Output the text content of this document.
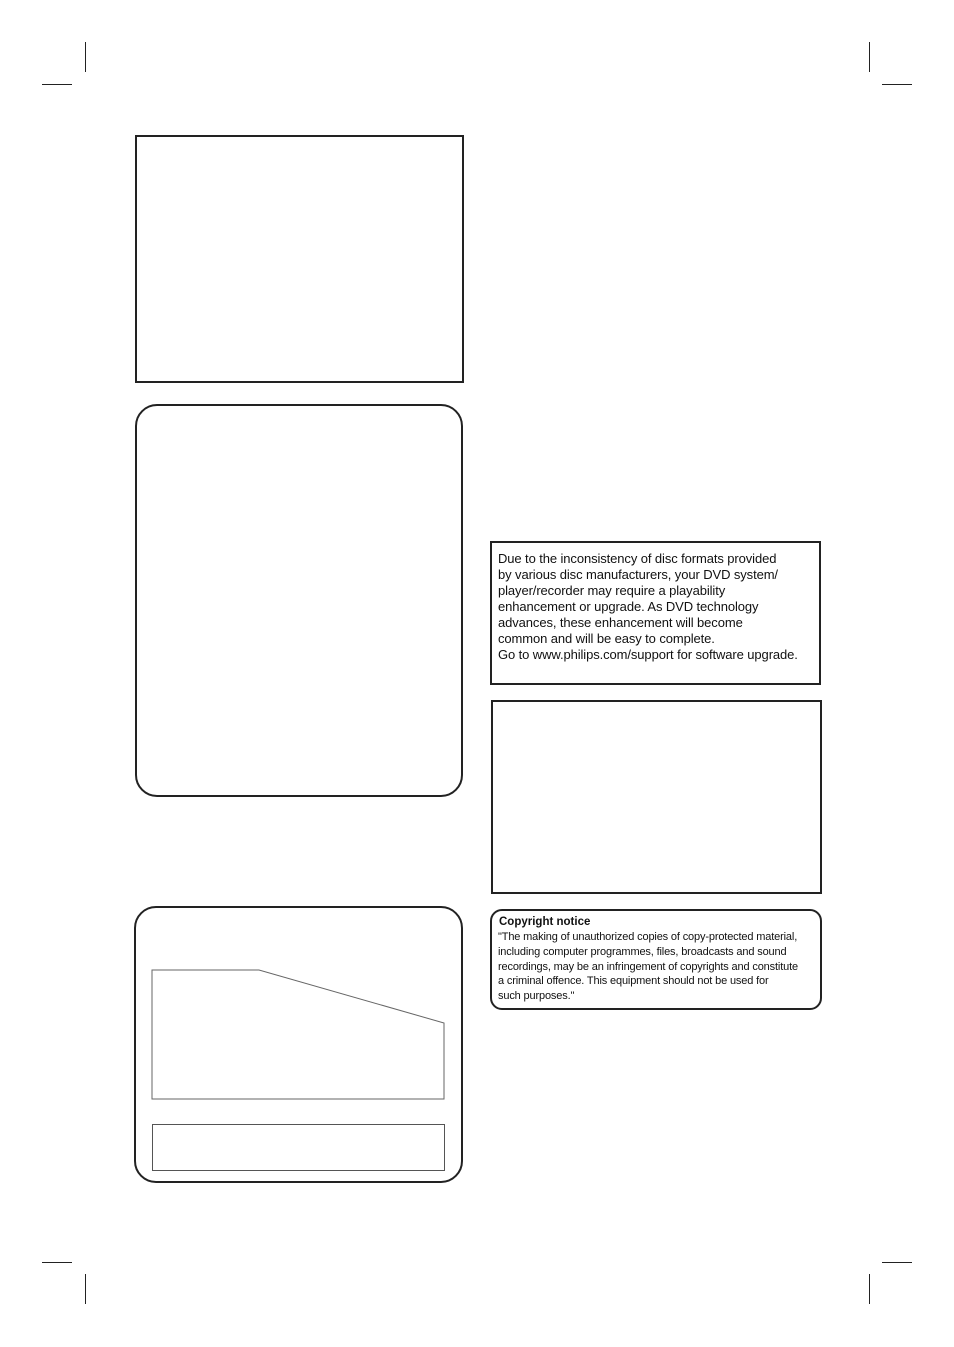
Due to the inconsistency of disc formats provided
by various disc manufacturers, your DVD system/
player/recorder may require a playability
enhancement or upgrade. As DVD technology
advances, these enhancement will become
common and will be easy to complete.
Go to www.philips.com/support for software upgrade.
Copyright notice
"The making of unauthorized copies of copy-protected material,
including computer programmes, files, broadcasts and sound
recordings, may be an infringement of copyrights and constitute
a criminal offence. This equipment should not be used for
such purposes."
